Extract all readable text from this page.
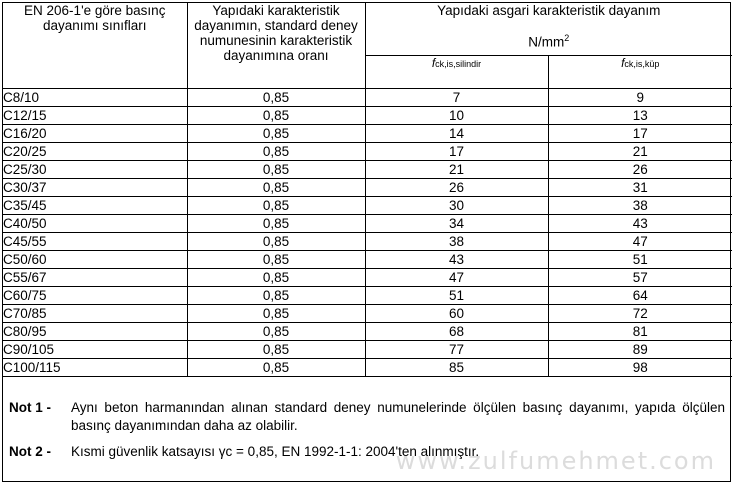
EN 206-1'e göre basınç dayanımı sınıfları	Yapıdaki karakteristik dayanımın, standard deney numunesinin karakteristik dayanımına oranı	Yapıdaki asgari karakteristik dayanım
$N/mm^2$

		fck,is,silindir	fck,is,küp
C8/10	0,85	7	9
C12/15	0,85	10	13
C16/20	0,85	14	17
C20/25	0,85	17	21
C25/30	0,85	21	26
C30/37	0,85	26	31
C35/45	0,85	30	38
C40/50	0,85	34	43
C45/55	0,85	38	47
C50/60	0,85	43	51
C55/67	0,85	47	57
C60/75	0,85	51	64
C70/85	0,85	60	72
C80/95	0,85	68	81
C90/105	0,85	77	89
C100/115	0,85	85	98
Not 1 -	Aynı beton harmanından alınan standard deney numunelerinde ölçülen basınç dayanımı, yapıda ölçülen basınç dayanımından daha az olabilir.
Not 2 -	Kısmi güvenlik katsayısı γc = 0,85, EN 1992-1-1: 2004'ten alınmıştır.
www.zulfumehmet.com
